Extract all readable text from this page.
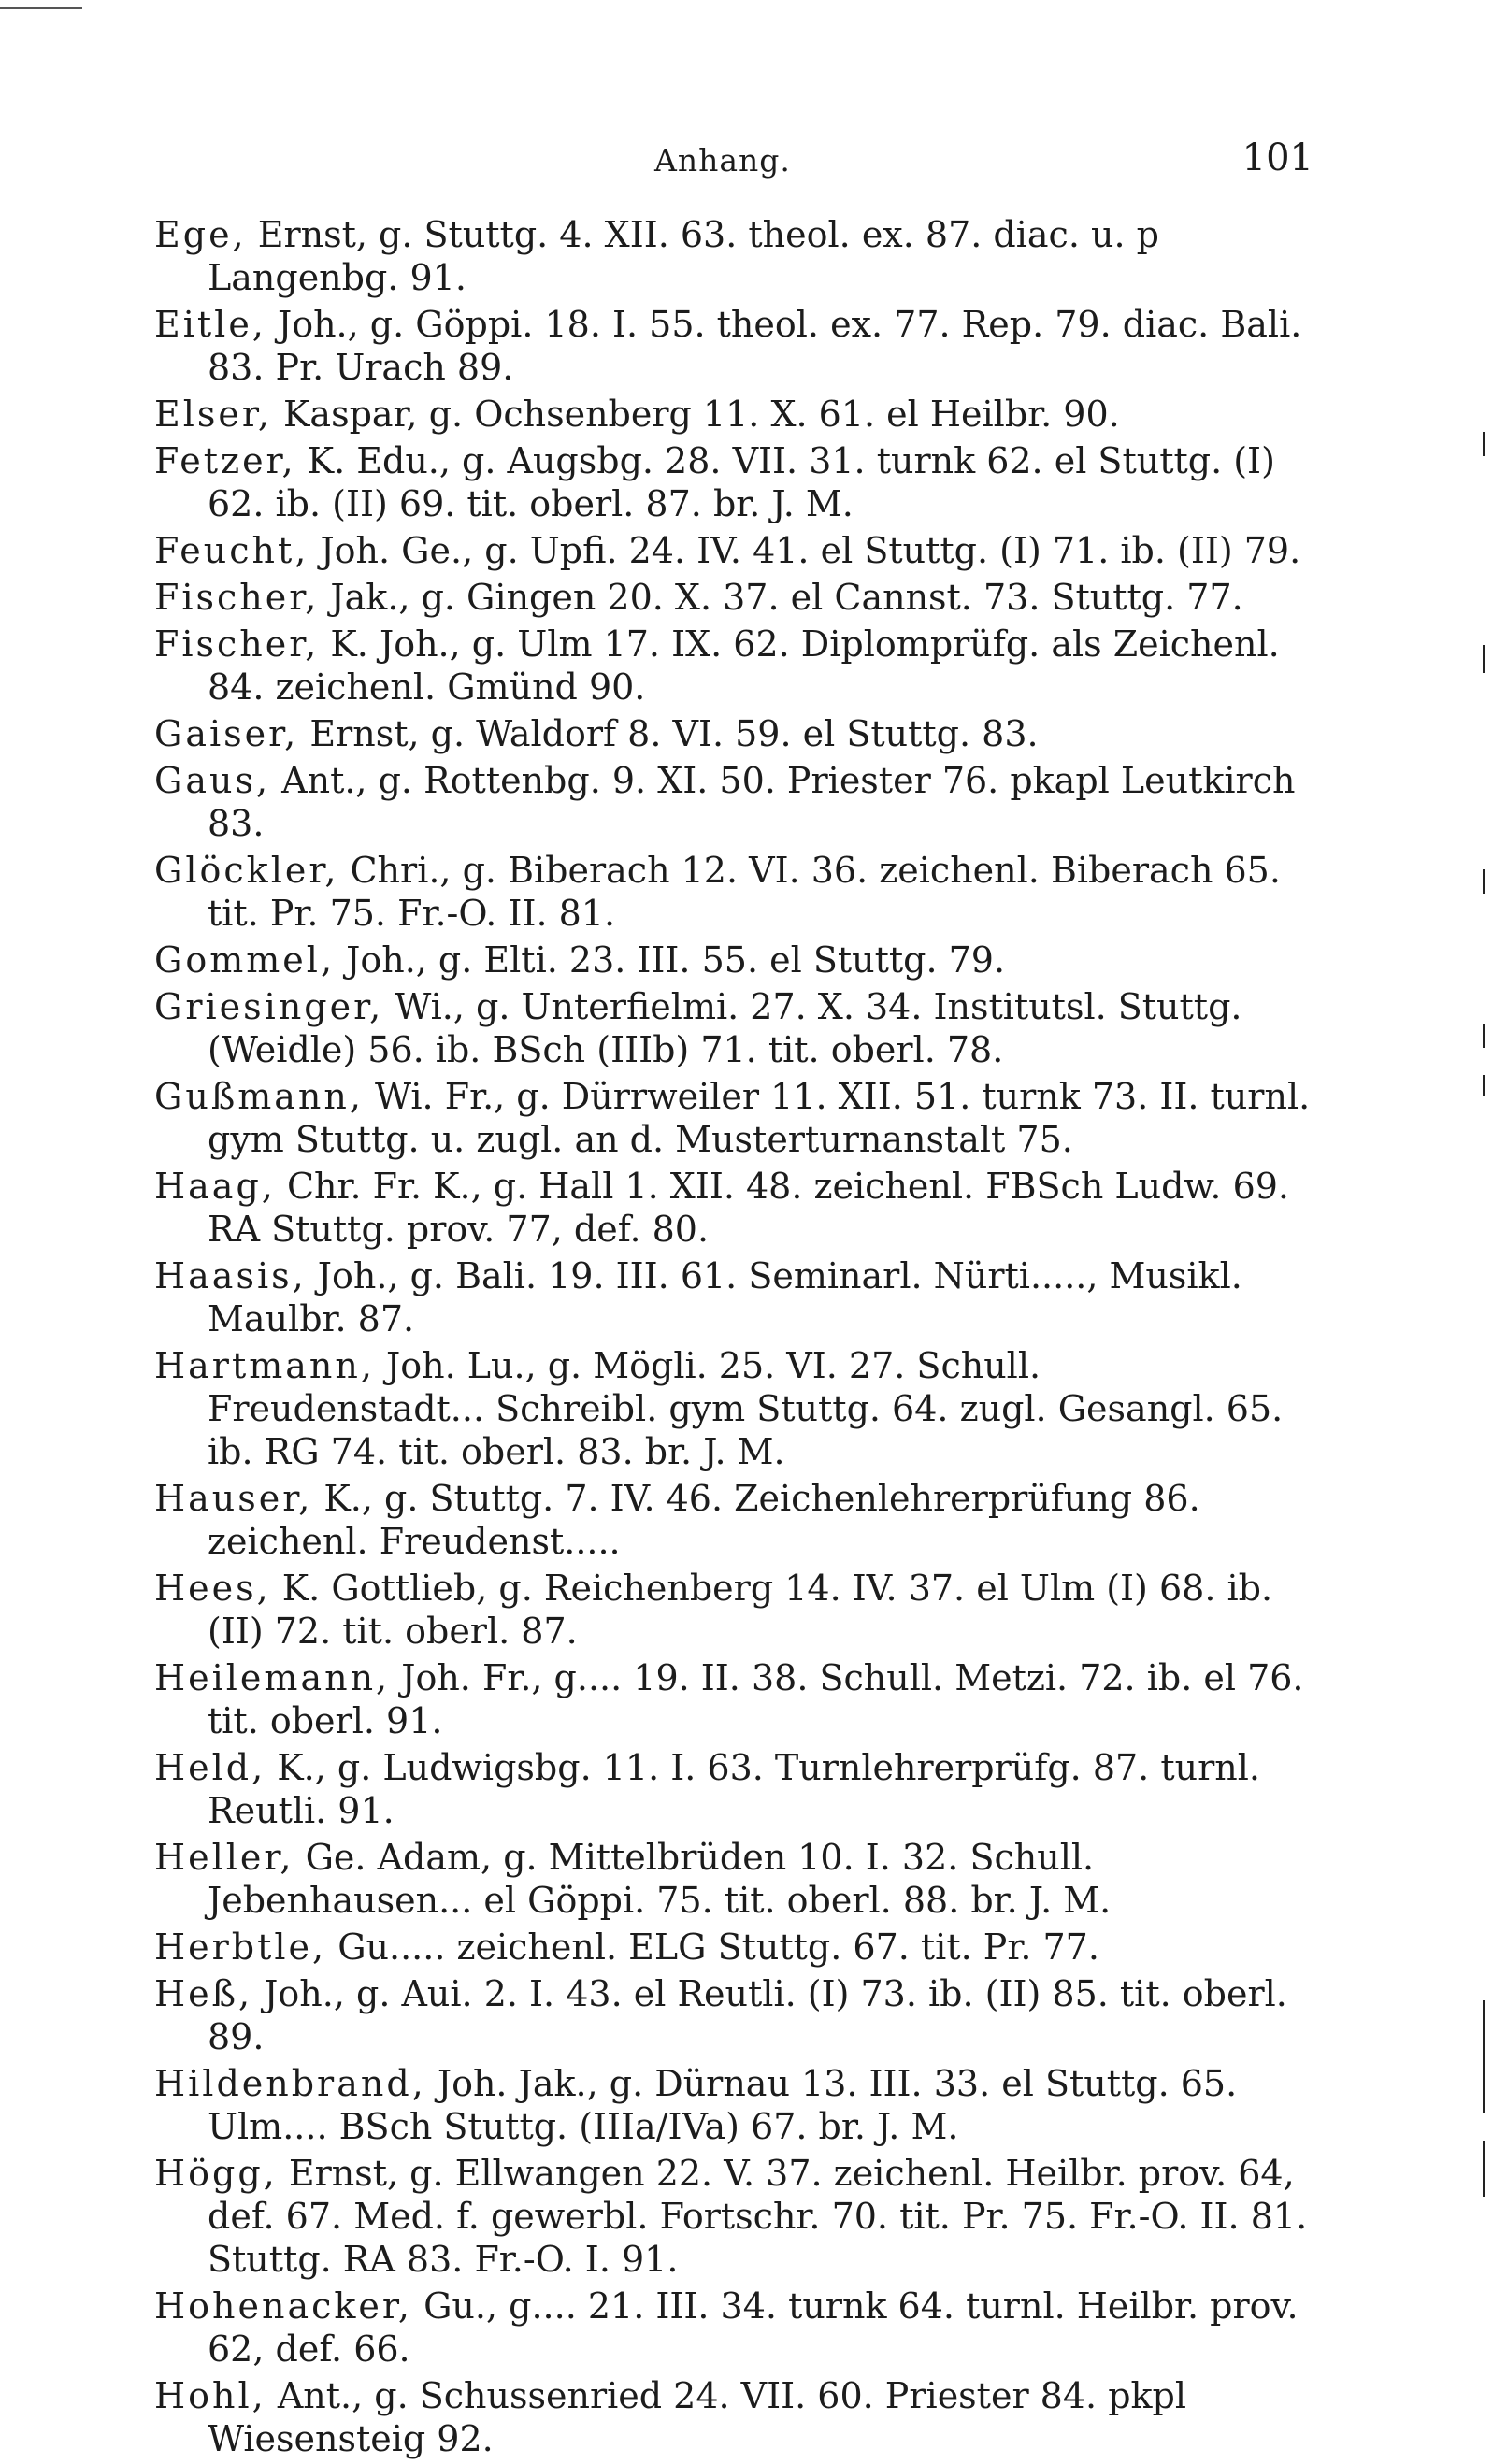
Anhang.	101

Ege, Ernst, g. Stuttg. 4. XII. 63. theol. ex. 87. diac. u. p Langenbg. 91.

Eitle, Joh., g. Göppi. 18. I. 55. theol. ex. 77. Rep. 79. diac. Bali. 83. Pr. Urach 89.

Elser, Kaspar, g. Ochsenberg 11. X. 61. el Heilbr. 90.

Fetzer, K. Edu., g. Augsbg. 28. VII. 31. turnk 62. el Stuttg. (I) 62. ib. (II) 69. tit. oberl. 87. br. J. M.

Feucht, Joh. Ge., g. Upfi. 24. IV. 41. el Stuttg. (I) 71. ib. (II) 79.

Fischer, Jak., g. Gingen 20. X. 37. el Cannst. 73. Stuttg. 77.

Fischer, K. Joh., g. Ulm 17. IX. 62. Diplomprüfg. als Zeichenl. 84. zeichenl. Gmünd 90.

Gaiser, Ernst, g. Waldorf 8. VI. 59. el Stuttg. 83.

Gaus, Ant., g. Rottenbg. 9. XI. 50. Priester 76. pkapl Leutkirch 83.

Glöckler, Chri., g. Biberach 12. VI. 36. zeichenl. Biberach 65. tit. Pr. 75. Fr.-O. II. 81.

Gommel, Joh., g. Elti. 23. III. 55. el Stuttg. 79.

Griesinger, Wi., g. Unterfielmi. 27. X. 34. Institutsl. Stuttg. (Weidle) 56. ib. BSch (IIIb) 71. tit. oberl. 78.

Gußmann, Wi. Fr., g. Dürrweiler 11. XII. 51. turnk 73. II. turnl. gym Stuttg. u. zugl. an d. Musterturnanstalt 75.

Haag, Chr. Fr. K., g. Hall 1. XII. 48. zeichenl. FBSch Ludw. 69. RA Stuttg. prov. 77, def. 80.

Haasis, Joh., g. Bali. 19. III. 61. Seminarl. Nürti....., Musikl. Maulbr. 87.

Hartmann, Joh. Lu., g. Mögli. 25. VI. 27. Schull. Freudenstadt... Schreibl. gym Stuttg. 64. zugl. Gesangl. 65. ib. RG 74. tit. oberl. 83. br. J. M.

Hauser, K., g. Stuttg. 7. IV. 46. Zeichenlehrerprüfung 86. zeichenl. Freudenst.....

Hees, K. Gottlieb, g. Reichenberg 14. IV. 37. el Ulm (I) 68. ib. (II) 72. tit. oberl. 87.

Heilemann, Joh. Fr., g.... 19. II. 38. Schull. Metzi. 72. ib. el 76. tit. oberl. 91.

Held, K., g. Ludwigsbg. 11. I. 63. Turnlehrerprüfg. 87. turnl. Reutli. 91.

Heller, Ge. Adam, g. Mittelbrüden 10. I. 32. Schull. Jebenhausen... el Göppi. 75. tit. oberl. 88. br. J. M.

Herbtle, Gu..... zeichenl. ELG Stuttg. 67. tit. Pr. 77.

Heß, Joh., g. Aui. 2. I. 43. el Reutli. (I) 73. ib. (II) 85. tit. oberl. 89.

Hildenbrand, Joh. Jak., g. Dürnau 13. III. 33. el Stuttg. 65. Ulm.... BSch Stuttg. (IIIa/IVa) 67. br. J. M.

Högg, Ernst, g. Ellwangen 22. V. 37. zeichenl. Heilbr. prov. 64, def. 67. Med. f. gewerbl. Fortschr. 70. tit. Pr. 75. Fr.-O. II. 81. Stuttg. RA 83. Fr.-O. I. 91.

Hohenacker, Gu., g.... 21. III. 34. turnk 64. turnl. Heilbr. prov. 62, def. 66.

Hohl, Ant., g. Schussenried 24. VII. 60. Priester 84. pkpl Wiesensteig 92.
